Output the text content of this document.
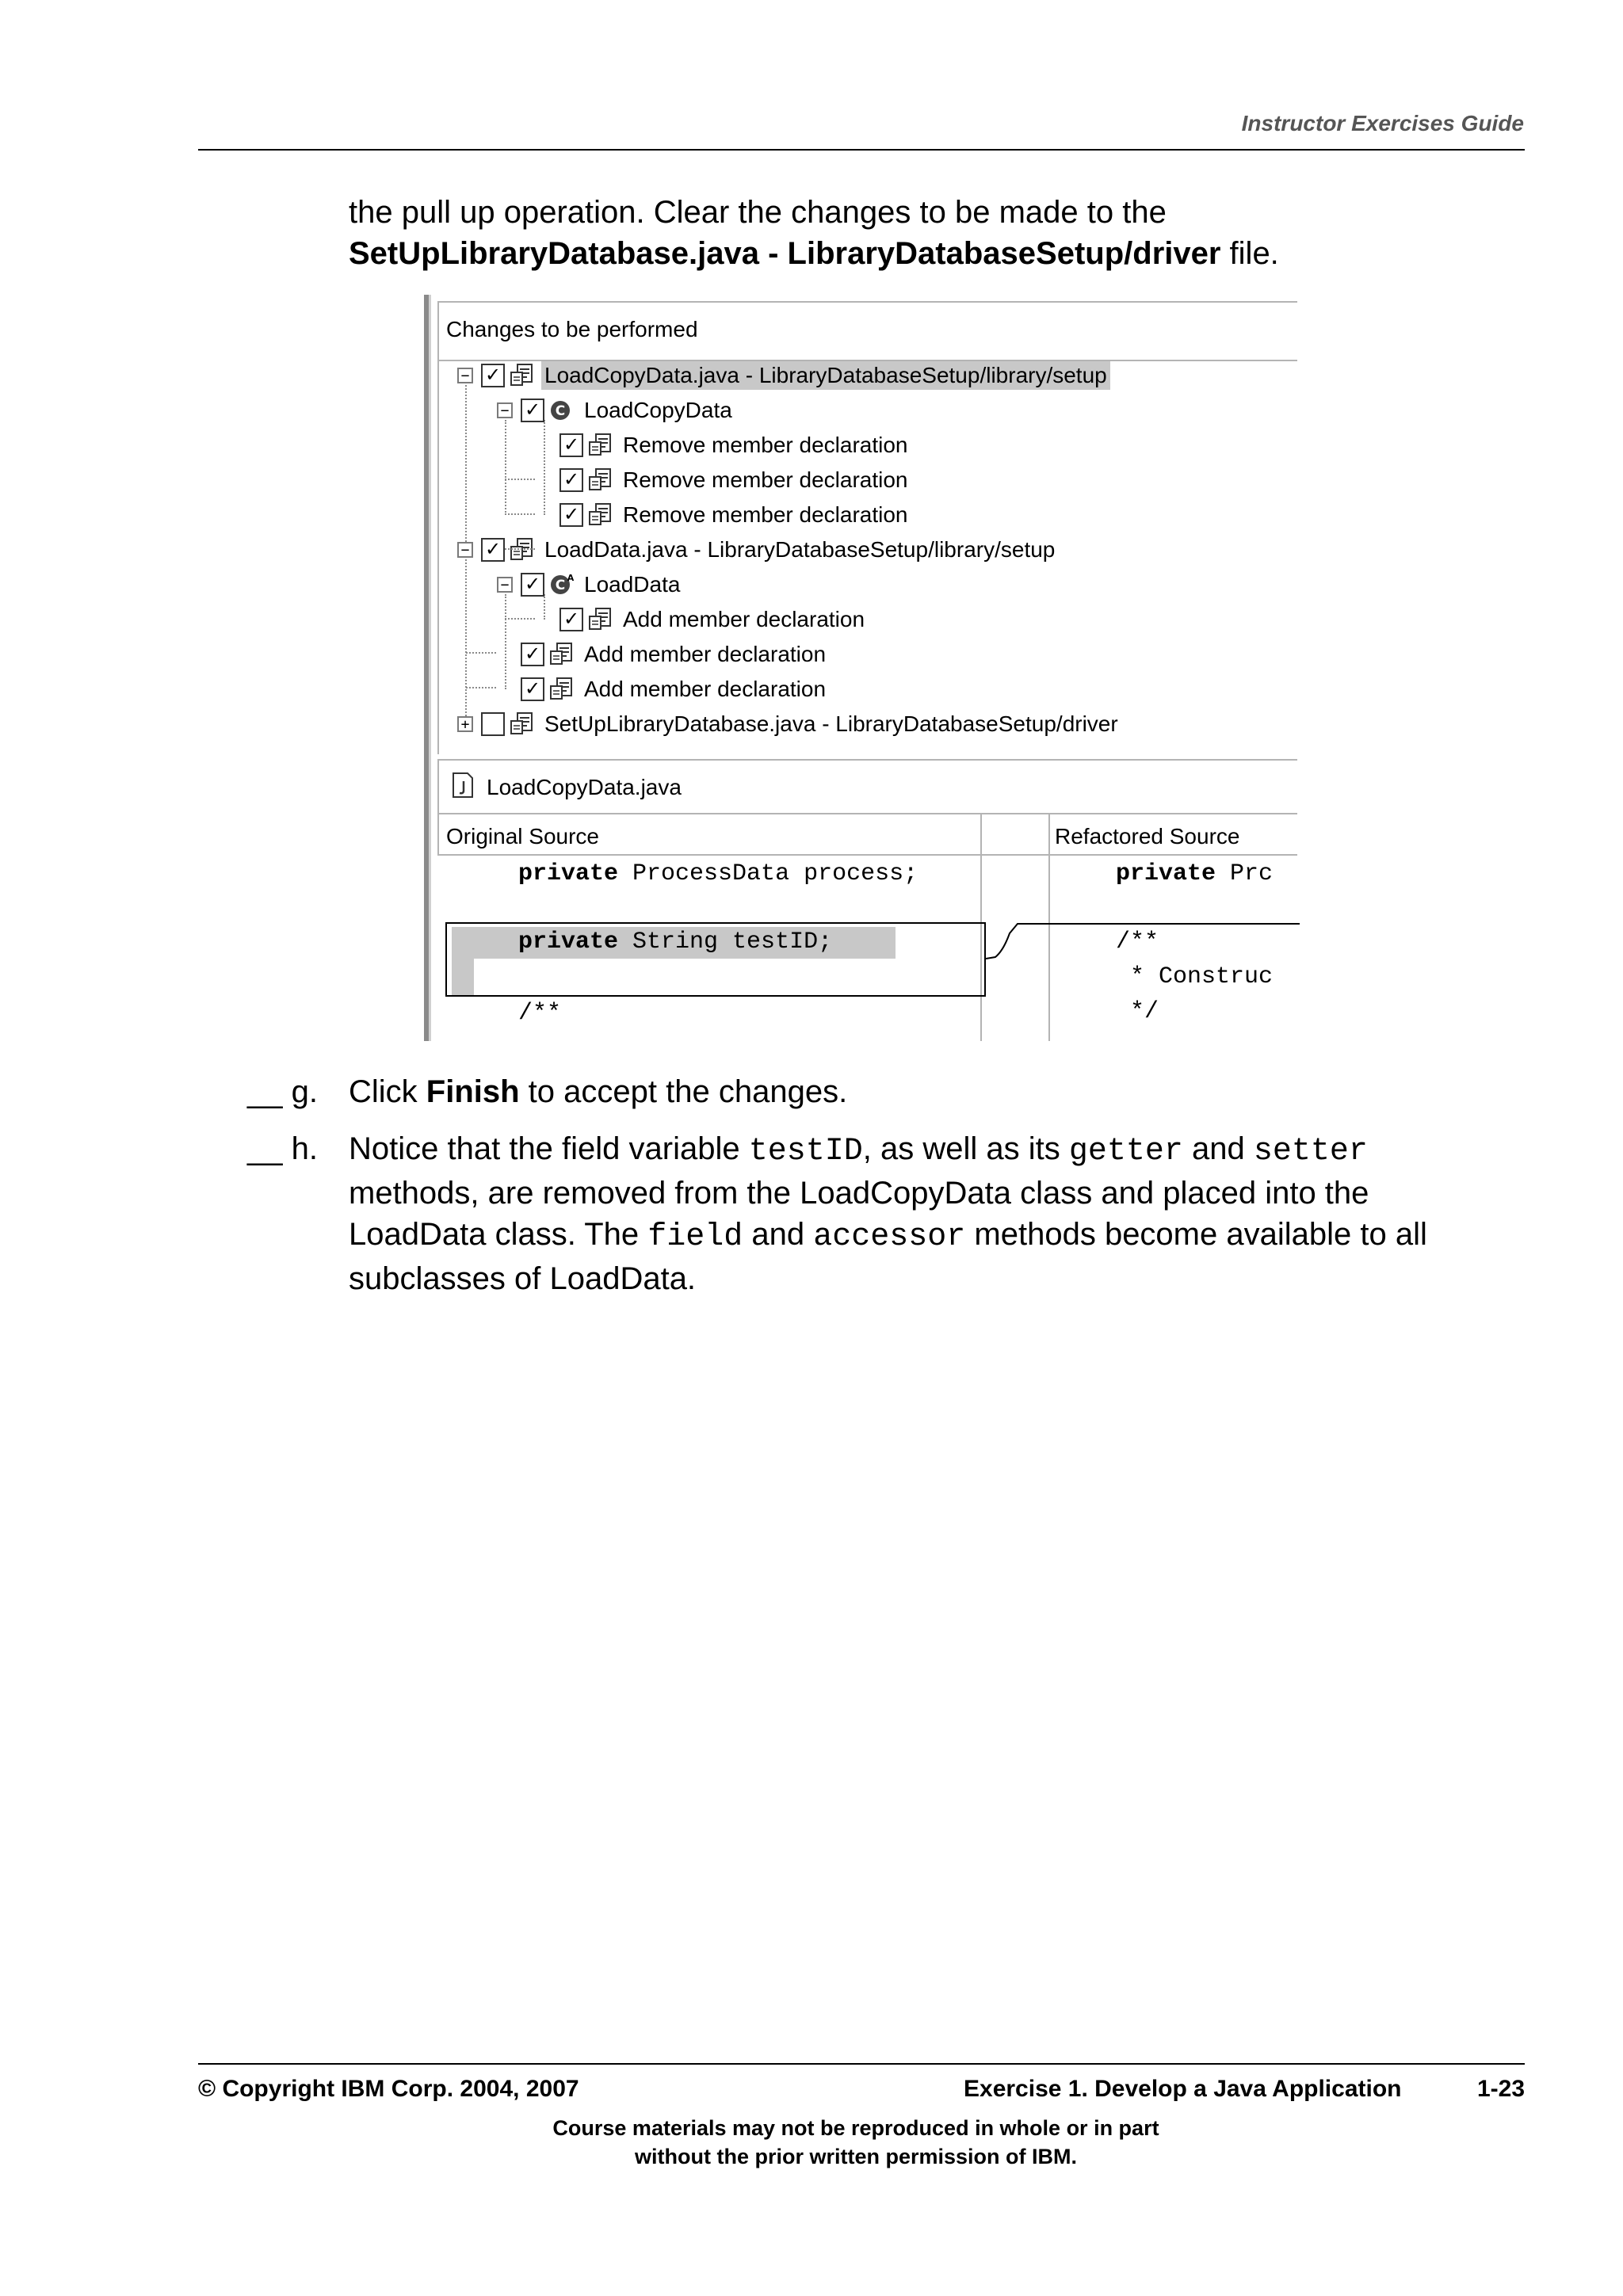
Instructor Exercises Guide
the pull up operation. Clear the changes to be made to the
SetUpLibraryDatabase.java - LibraryDatabaseSetup/driver file.
Changes to be performed
− ✓ LoadCopyData.java - LibraryDatabaseSetup/library/setup
− ✓ C LoadCopyData
✓ Remove member declaration
✓ Remove member declaration
✓ Remove member declaration
− ✓ LoadData.java - LibraryDatabaseSetup/library/setup
− ✓ C A LoadData
✓ Add member declaration
✓ Add member declaration
✓ Add member declaration
+	SetUpLibraryDatabase.java - LibraryDatabaseSetup/driver
LoadCopyData.java
Original Source	Refactored Source
private ProcessData process;
private String testID;
/**
private Prc
/**
* Construc
*/
__ g. Click Finish to accept the changes.
__ h. Notice that the field variable testID, as well as its getter and setter
methods, are removed from the LoadCopyData class and placed into the
LoadData class. The field and accessor methods become available to all
subclasses of LoadData.
© Copyright IBM Corp. 2004, 2007	Exercise 1. Develop a Java Application	1-23
Course materials may not be reproduced in whole or in part
without the prior written permission of IBM.
